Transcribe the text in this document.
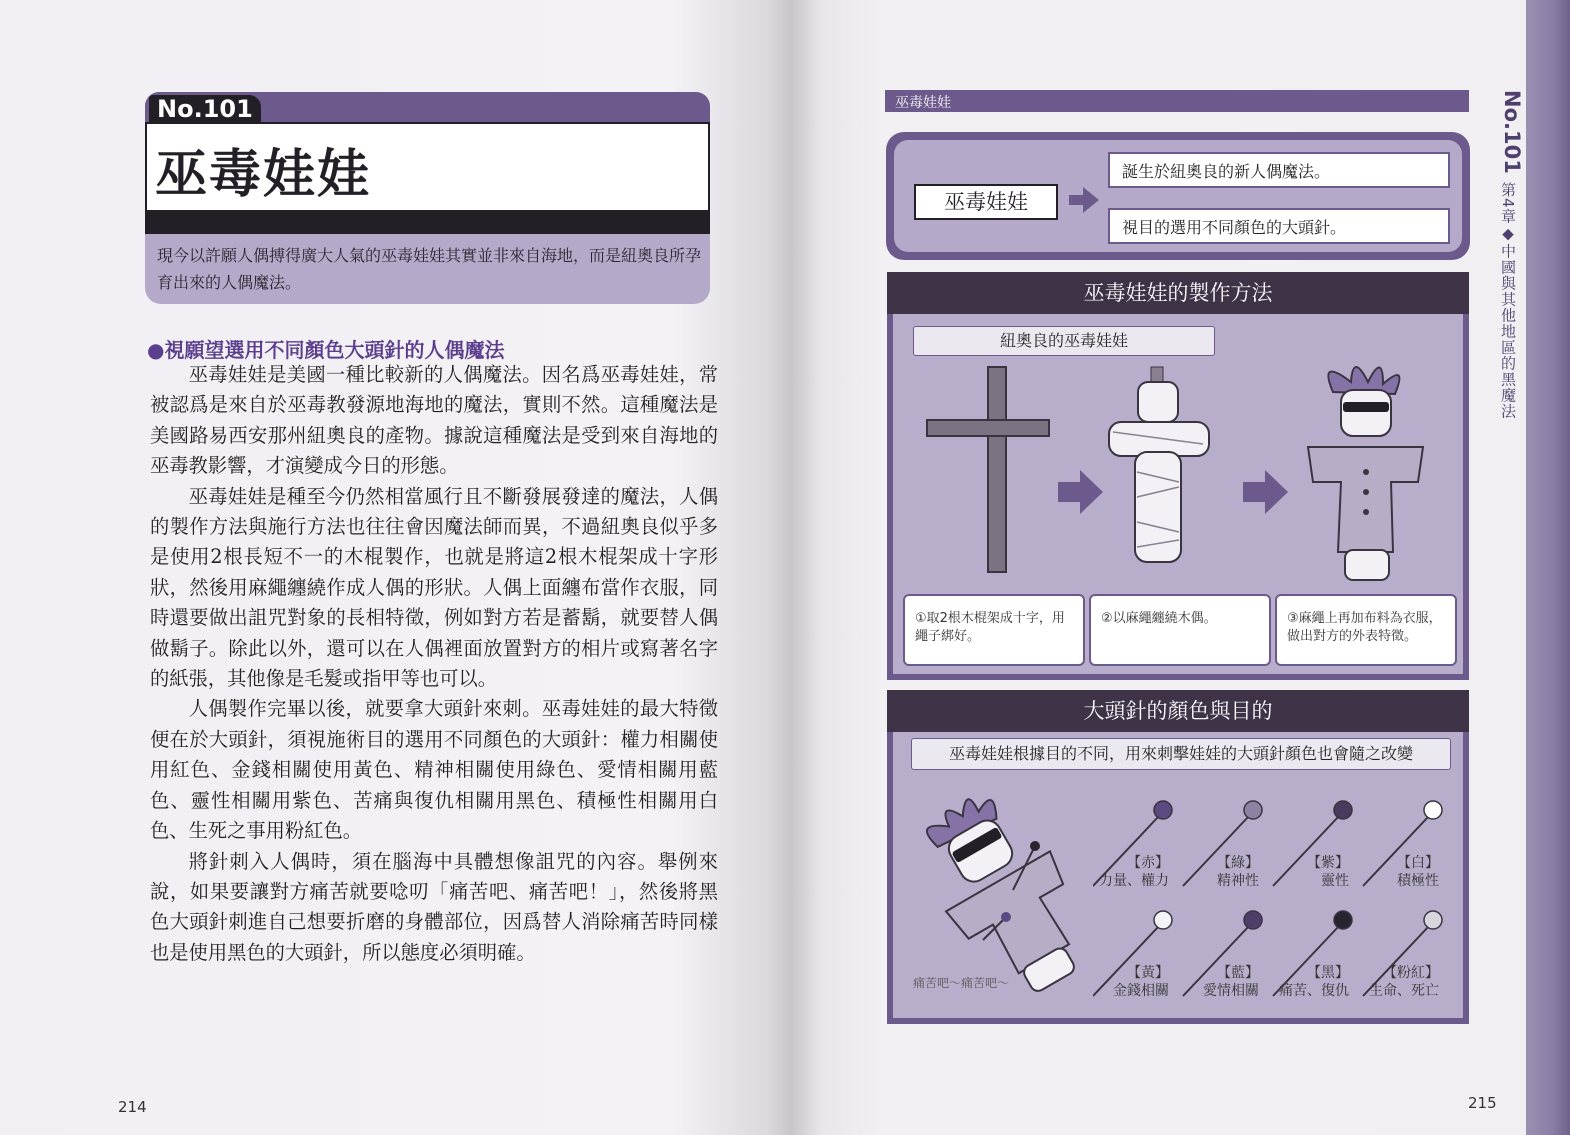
No.101
巫毒娃娃
現今以許願人偶搏得廣大人氣的巫毒娃娃其實並非來自海地，而是紐奧良所孕育出來的人偶魔法。
●視願望選用不同顏色大頭針的人偶魔法

巫毒娃娃是美國一種比較新的人偶魔法。因名爲巫毒娃娃，常被認爲是來自於巫毒教發源地海地的魔法，實則不然。這種魔法是美國路易西安那州紐奧良的產物。據說這種魔法是受到來自海地的巫毒教影響，才演變成今日的形態。

巫毒娃娃是種至今仍然相當風行且不斷發展發達的魔法，人偶的製作方法與施行方法也往往會因魔法師而異，不過紐奧良似乎多是使用2根長短不一的木棍製作，也就是將這2根木棍架成十字形狀，然後用麻繩纏繞作成人偶的形狀。人偶上面纏布當作衣服，同時還要做出詛咒對象的長相特徵，例如對方若是蓄鬍，就要替人偶做鬍子。除此以外，還可以在人偶裡面放置對方的相片或寫著名字的紙張，其他像是毛髮或指甲等也可以。

人偶製作完畢以後，就要拿大頭針來刺。巫毒娃娃的最大特徵便在於大頭針，須視施術目的選用不同顏色的大頭針：權力相關使用紅色、金錢相關使用黃色、精神相關使用綠色、愛情相關用藍色、靈性相關用紫色、苦痛與復仇相關用黑色、積極性相關用白色、生死之事用粉紅色。

將針刺入人偶時，須在腦海中具體想像詛咒的內容。舉例來說，如果要讓對方痛苦就要唸叨「痛苦吧、痛苦吧！」，然後將黑色大頭針刺進自己想要折磨的身體部位，因爲替人消除痛苦時同樣也是使用黑色的大頭針，所以態度必須明確。

214
巫毒娃娃	No.101
第4章◆中國與其他地區的黑魔法
巫毒娃娃
誕生於紐奧良的新人偶魔法。
視目的選用不同顏色的大頭針。
巫毒娃娃的製作方法
紐奧良的巫毒娃娃
①取2根木棍架成十字，用繩子綁好。
②以麻繩纏繞木偶。	③麻繩上再加布料為衣服，做出對方的外表特徵。
大頭針的顏色與目的
巫毒娃娃根據目的不同，用來刺擊娃娃的大頭針顏色也會隨之改變
痛苦吧～痛苦吧～
【赤】
力量、權力
【綠】
精神性
【紫】
靈性
【白】
積極性
【黃】
金錢相關
【藍】
愛情相關
【黑】
痛苦、復仇
【粉紅】
生命、死亡
215
